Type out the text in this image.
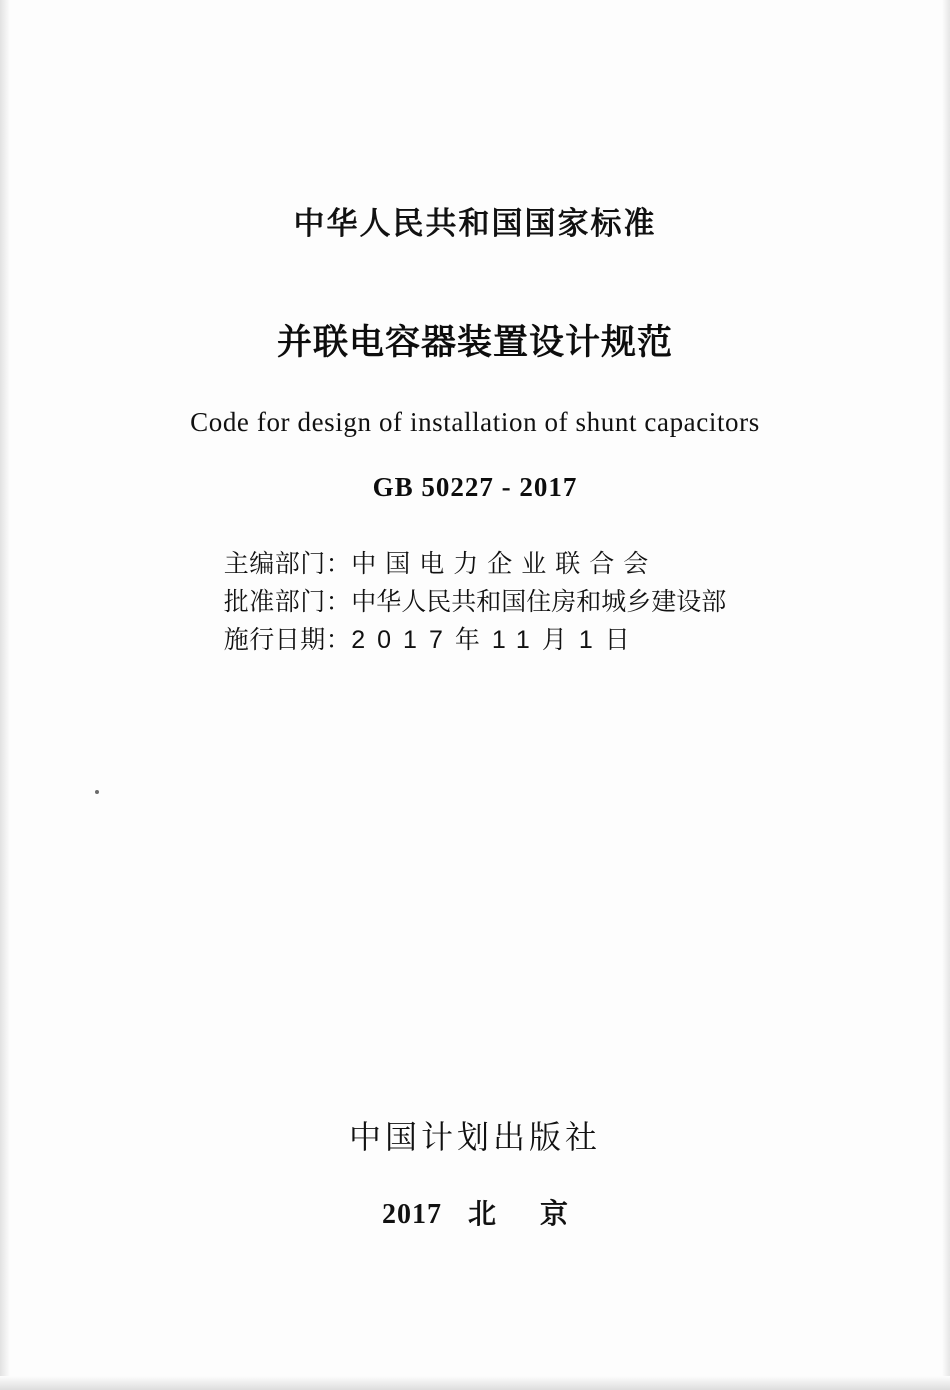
中华人民共和国国家标准
并联电容器装置设计规范
Code for design of installation of shunt capacitors
GB 50227 - 2017
主编部门：中国电力企业联合会
批准部门：中华人民共和国住房和城乡建设部
施行日期：2017年11月1日
中国计划出版社
2017 北 京
